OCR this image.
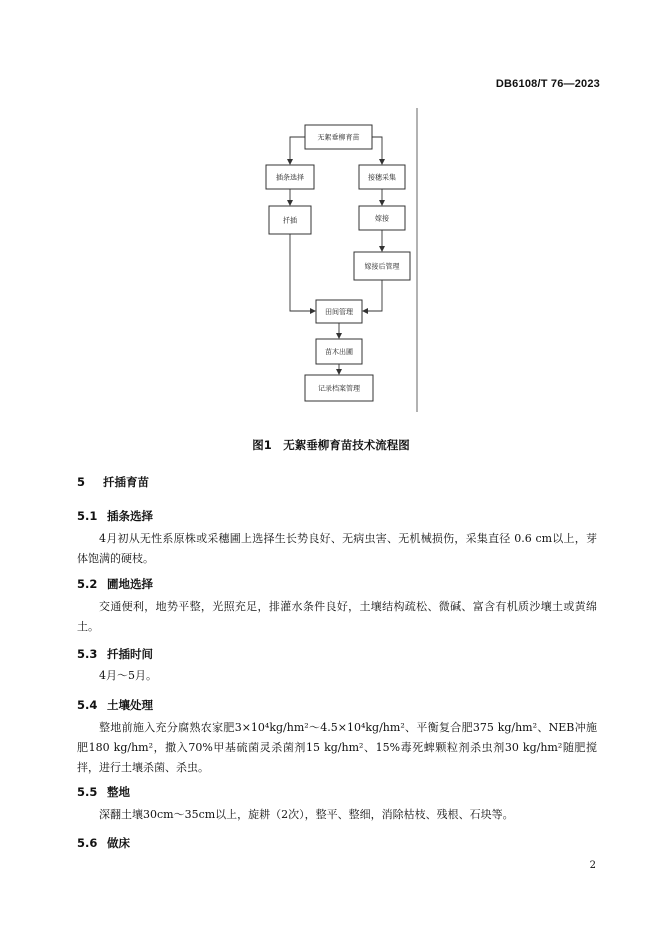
DB6108/T 76—2023
无絮垂柳育苗
插条选择	接穗采集
扦插	嫁接
嫁接后管理
田间管理
苗木出圃
记录档案管理
图1　无絮垂柳育苗技术流程图
5 扦插育苗
5.1 插条选择

4月初从无性系原株或采穗圃上选择生长势良好、无病虫害、无机械损伤，采集直径 0.6 cm以上，芽体饱满的硬枝。

5.2 圃地选择

交通便利，地势平整，光照充足，排灌水条件良好，土壤结构疏松、微碱、富含有机质沙壤土或黄绵土。

5.3 扦插时间

4月～5月。

5.4 土壤处理

整地前施入充分腐熟农家肥3×10⁴kg/hm²～4.5×10⁴kg/hm²、平衡复合肥375 kg/hm²、NEB冲施肥180 kg/hm²，撒入70%甲基硫菌灵杀菌剂15 kg/hm²、15%毒死蜱颗粒剂杀虫剂30 kg/hm²随肥搅拌，进行土壤杀菌、杀虫。

5.5 整地

深翻土壤30cm～35cm以上，旋耕（2次），整平、整细，消除枯枝、残根、石块等。

5.6 做床
2
